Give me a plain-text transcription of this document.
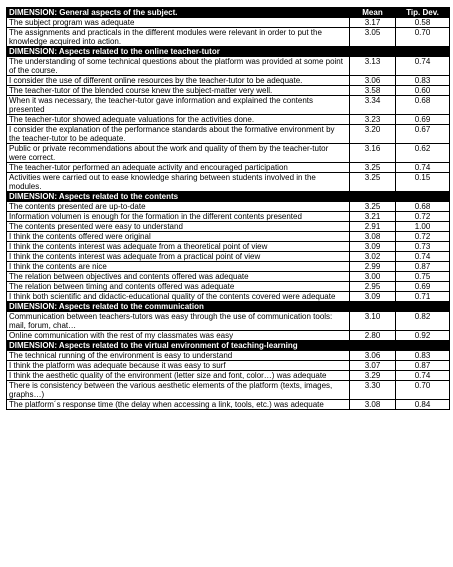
DIMENSION: General aspects of the subject.	Mean	Tip. Dev.
The subject program was adequate	3.17	0.58
The assignments and practicals in the different modules were relevant in order to put the knowledge acquired into action.	3.05	0.70
DIMENSION: Aspects related to the online teacher-tutor		
The understanding of some technical questions about the platform was provided at some point of the course.	3.13	0.74
I consider the use of different online resources by the teacher-tutor to be adequate.	3.06	0.83
The teacher-tutor of the blended course knew the subject-matter very well.	3.58	0.60
When it was necessary, the teacher-tutor gave information and explained the contents presented	3.34	0.68
The teacher-tutor showed adequate valuations for the activities done.	3.23	0.69
I consider the explanation of the performance standards about the formative environment by the teacher-tutor to be adequate.	3.20	0.67
Public or private recommendations about the work and quality of them by the teacher-tutor were correct.	3.16	0.62
The teacher-tutor performed an adequate activity and encouraged participation	3.25	0.74
Activities were carried out to ease knowledge sharing between students involved in the modules.	3.25	0.15
DIMENSION: Aspects related to the contents		
The contents presented are up-to-date	3.25	0.68
Information volumen is enough for the formation in the different contents presented	3.21	0.72
The contents presented were easy to understand	2.91	1.00
I think the contents offered were original	3.08	0.72
I think the contents interest was adequate from a theoretical point of view	3.09	0.73
I think the contents interest was adequate from a practical point of view	3.02	0.74
I think the contents are nice	2.99	0.87
The relation between objectives and contents offered was adequate	3.00	0.75
The relation between timing and contents offered was adequate	2.95	0.69
I think both scientific and didactic-educational quality of the contents covered were adequate	3.09	0.71
DIMENSION: Aspects related to the communication		
Communication between teachers-tutors was easy through the use of communication tools: mail, forum, chat…	3.10	0.82
Online communication with the rest of my classmates was easy	2.80	0.92
DIMENSION: Aspects related to the virtual environment of teaching-learning		
The technical running of the environment is easy to understand	3.06	0.83
I think the platform was adequate because it was easy to surf	3.07	0.87
I think the aesthetic quality of the environment (letter size and font, color…) was adequate	3.29	0.74
There is consistency between the various aesthetic elements of the platform (texts, images, graphs…)	3.30	0.70
The platform´s response time (the delay when accessing a link, tools, etc.) was adequate	3.08	0.84
